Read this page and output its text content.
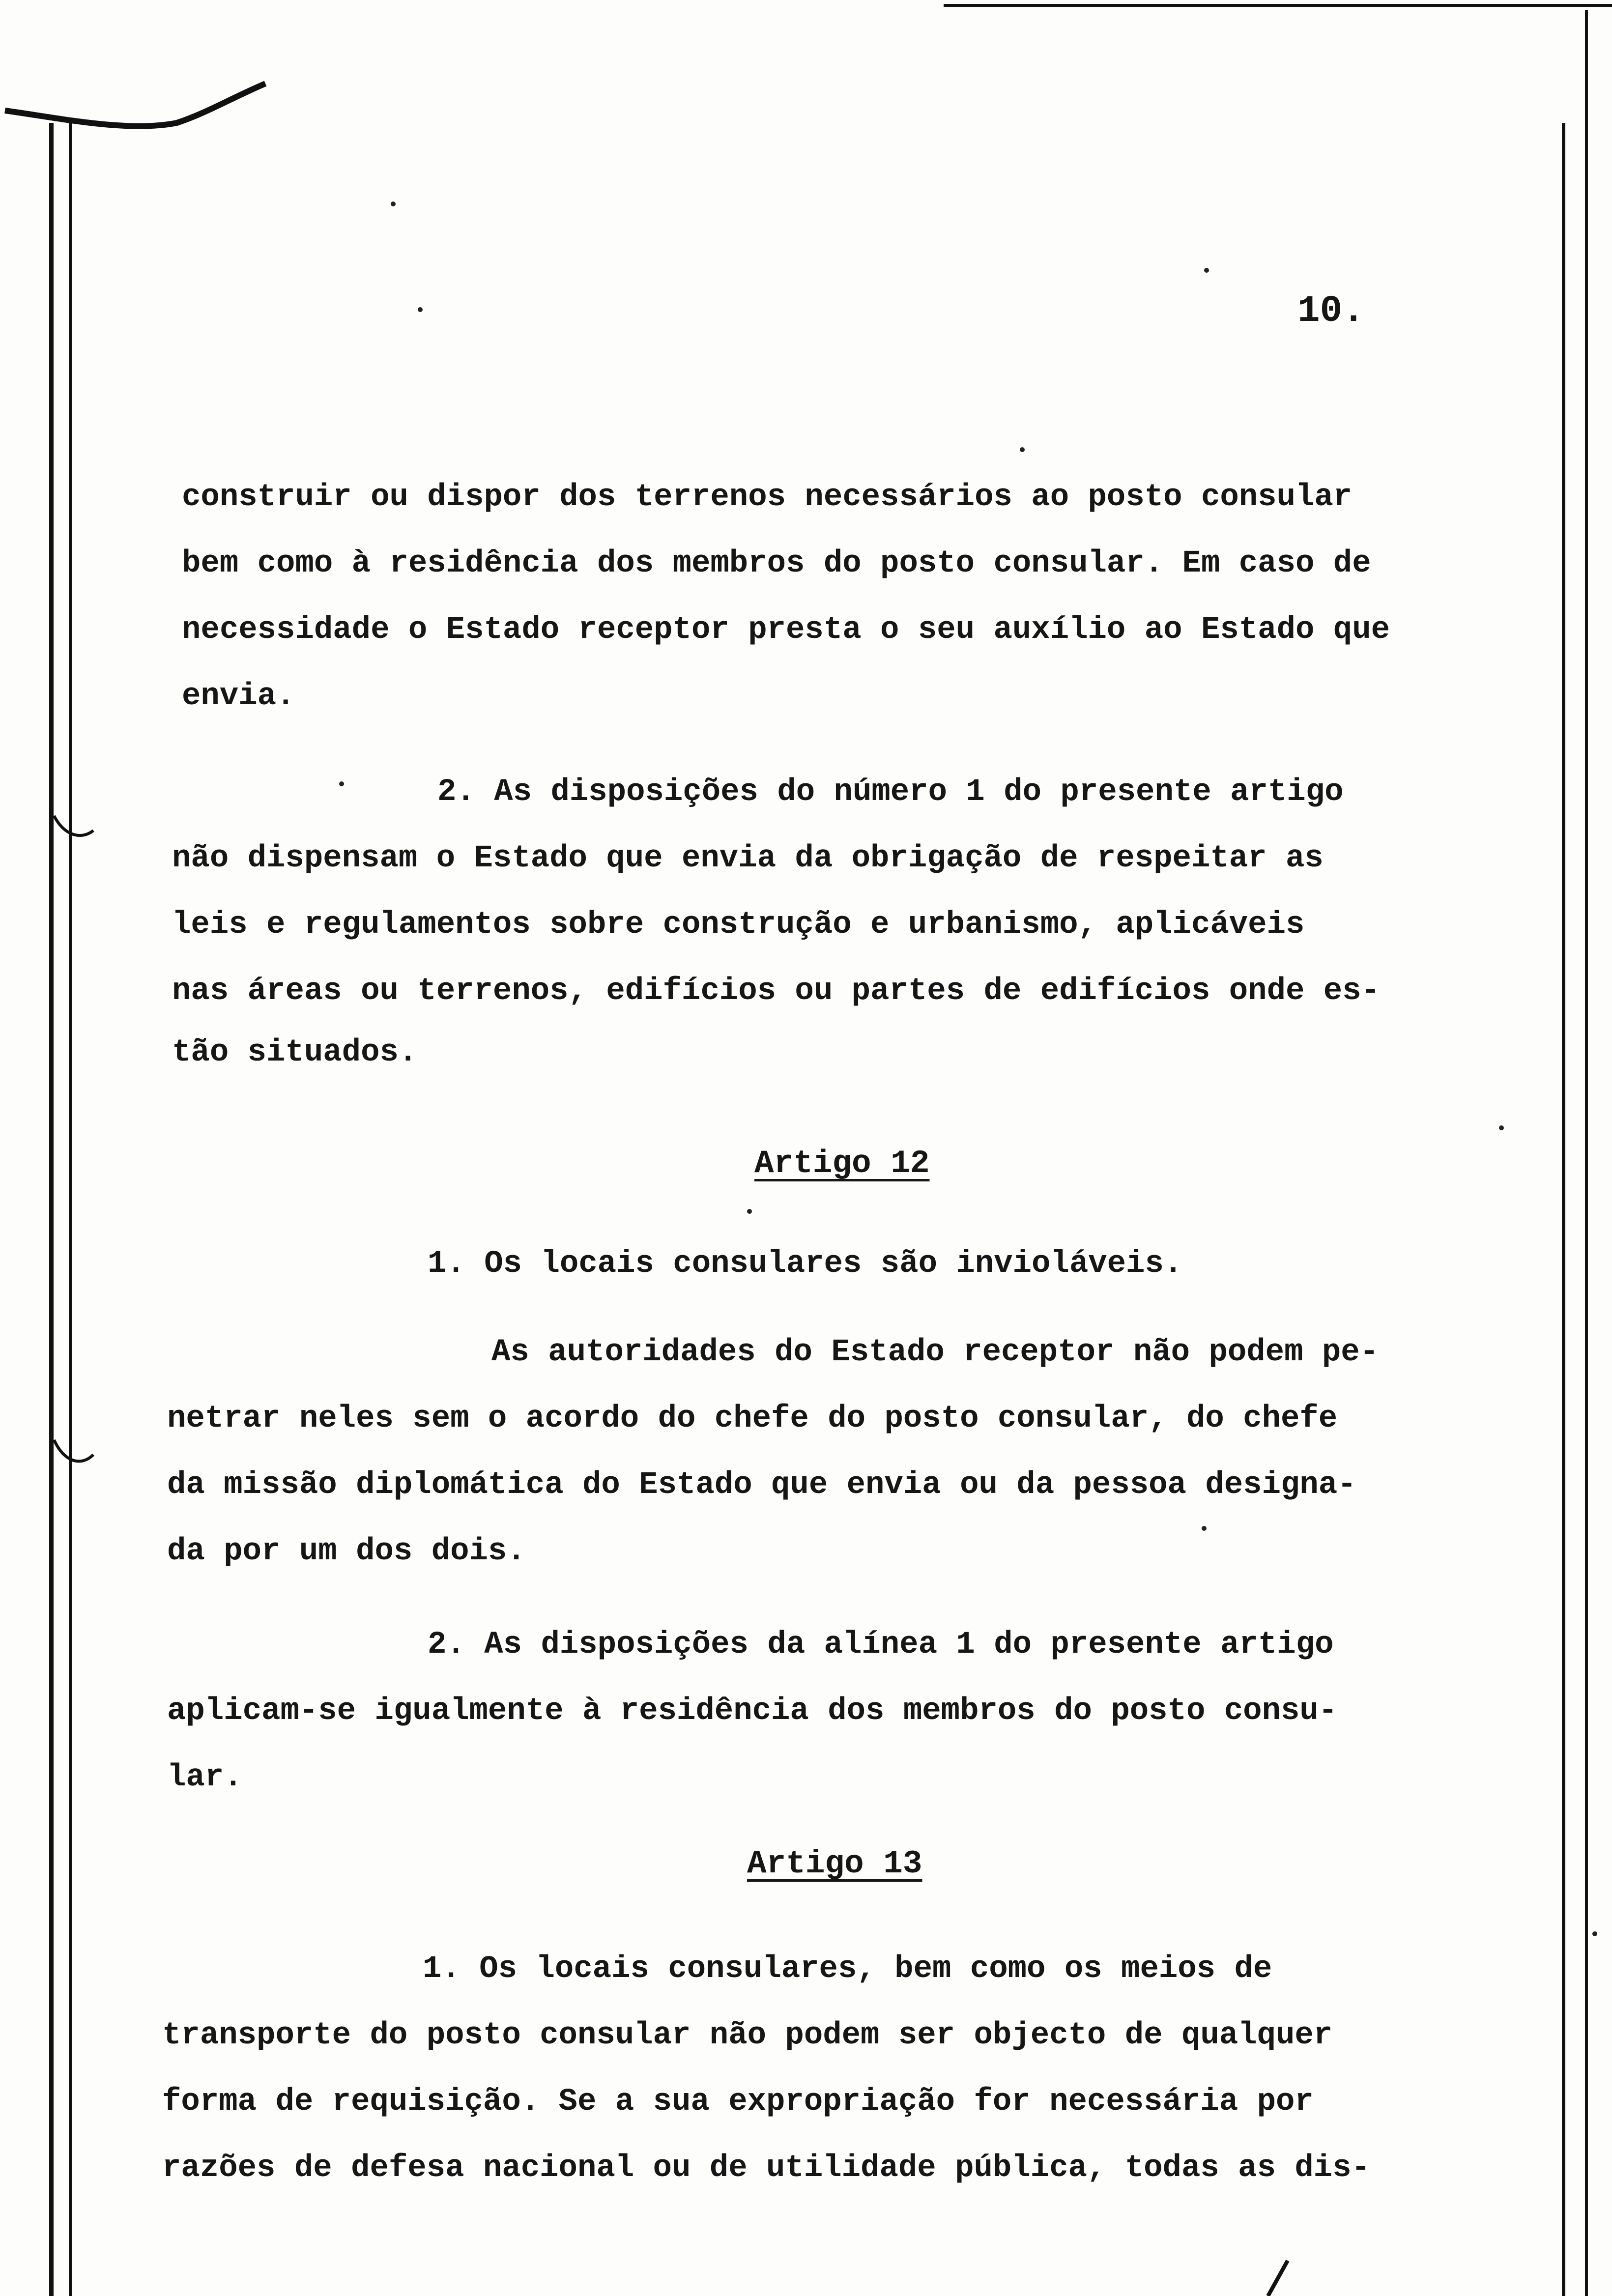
10.
construir ou dispor dos terrenos necessários ao posto consular
bem como à residência dos membros do posto consular. Em caso de
necessidade o Estado receptor presta o seu auxílio ao Estado que
envia.
2. As disposições do número 1 do presente artigo
não dispensam o Estado que envia da obrigação de respeitar as
leis e regulamentos sobre construção e urbanismo, aplicáveis
nas áreas ou terrenos, edifícios ou partes de edifícios onde es-
tão situados.
Artigo 12
1. Os locais consulares são invioláveis.
As autoridades do Estado receptor não podem pe-
netrar neles sem o acordo do chefe do posto consular, do chefe
da missão diplomática do Estado que envia ou da pessoa designa-
da por um dos dois.
2. As disposições da alínea 1 do presente artigo
aplicam-se igualmente à residência dos membros do posto consu-
lar.
Artigo 13
1. Os locais consulares, bem como os meios de
transporte do posto consular não podem ser objecto de qualquer
forma de requisição. Se a sua expropriação for necessária por
razões de defesa nacional ou de utilidade pública, todas as dis-
